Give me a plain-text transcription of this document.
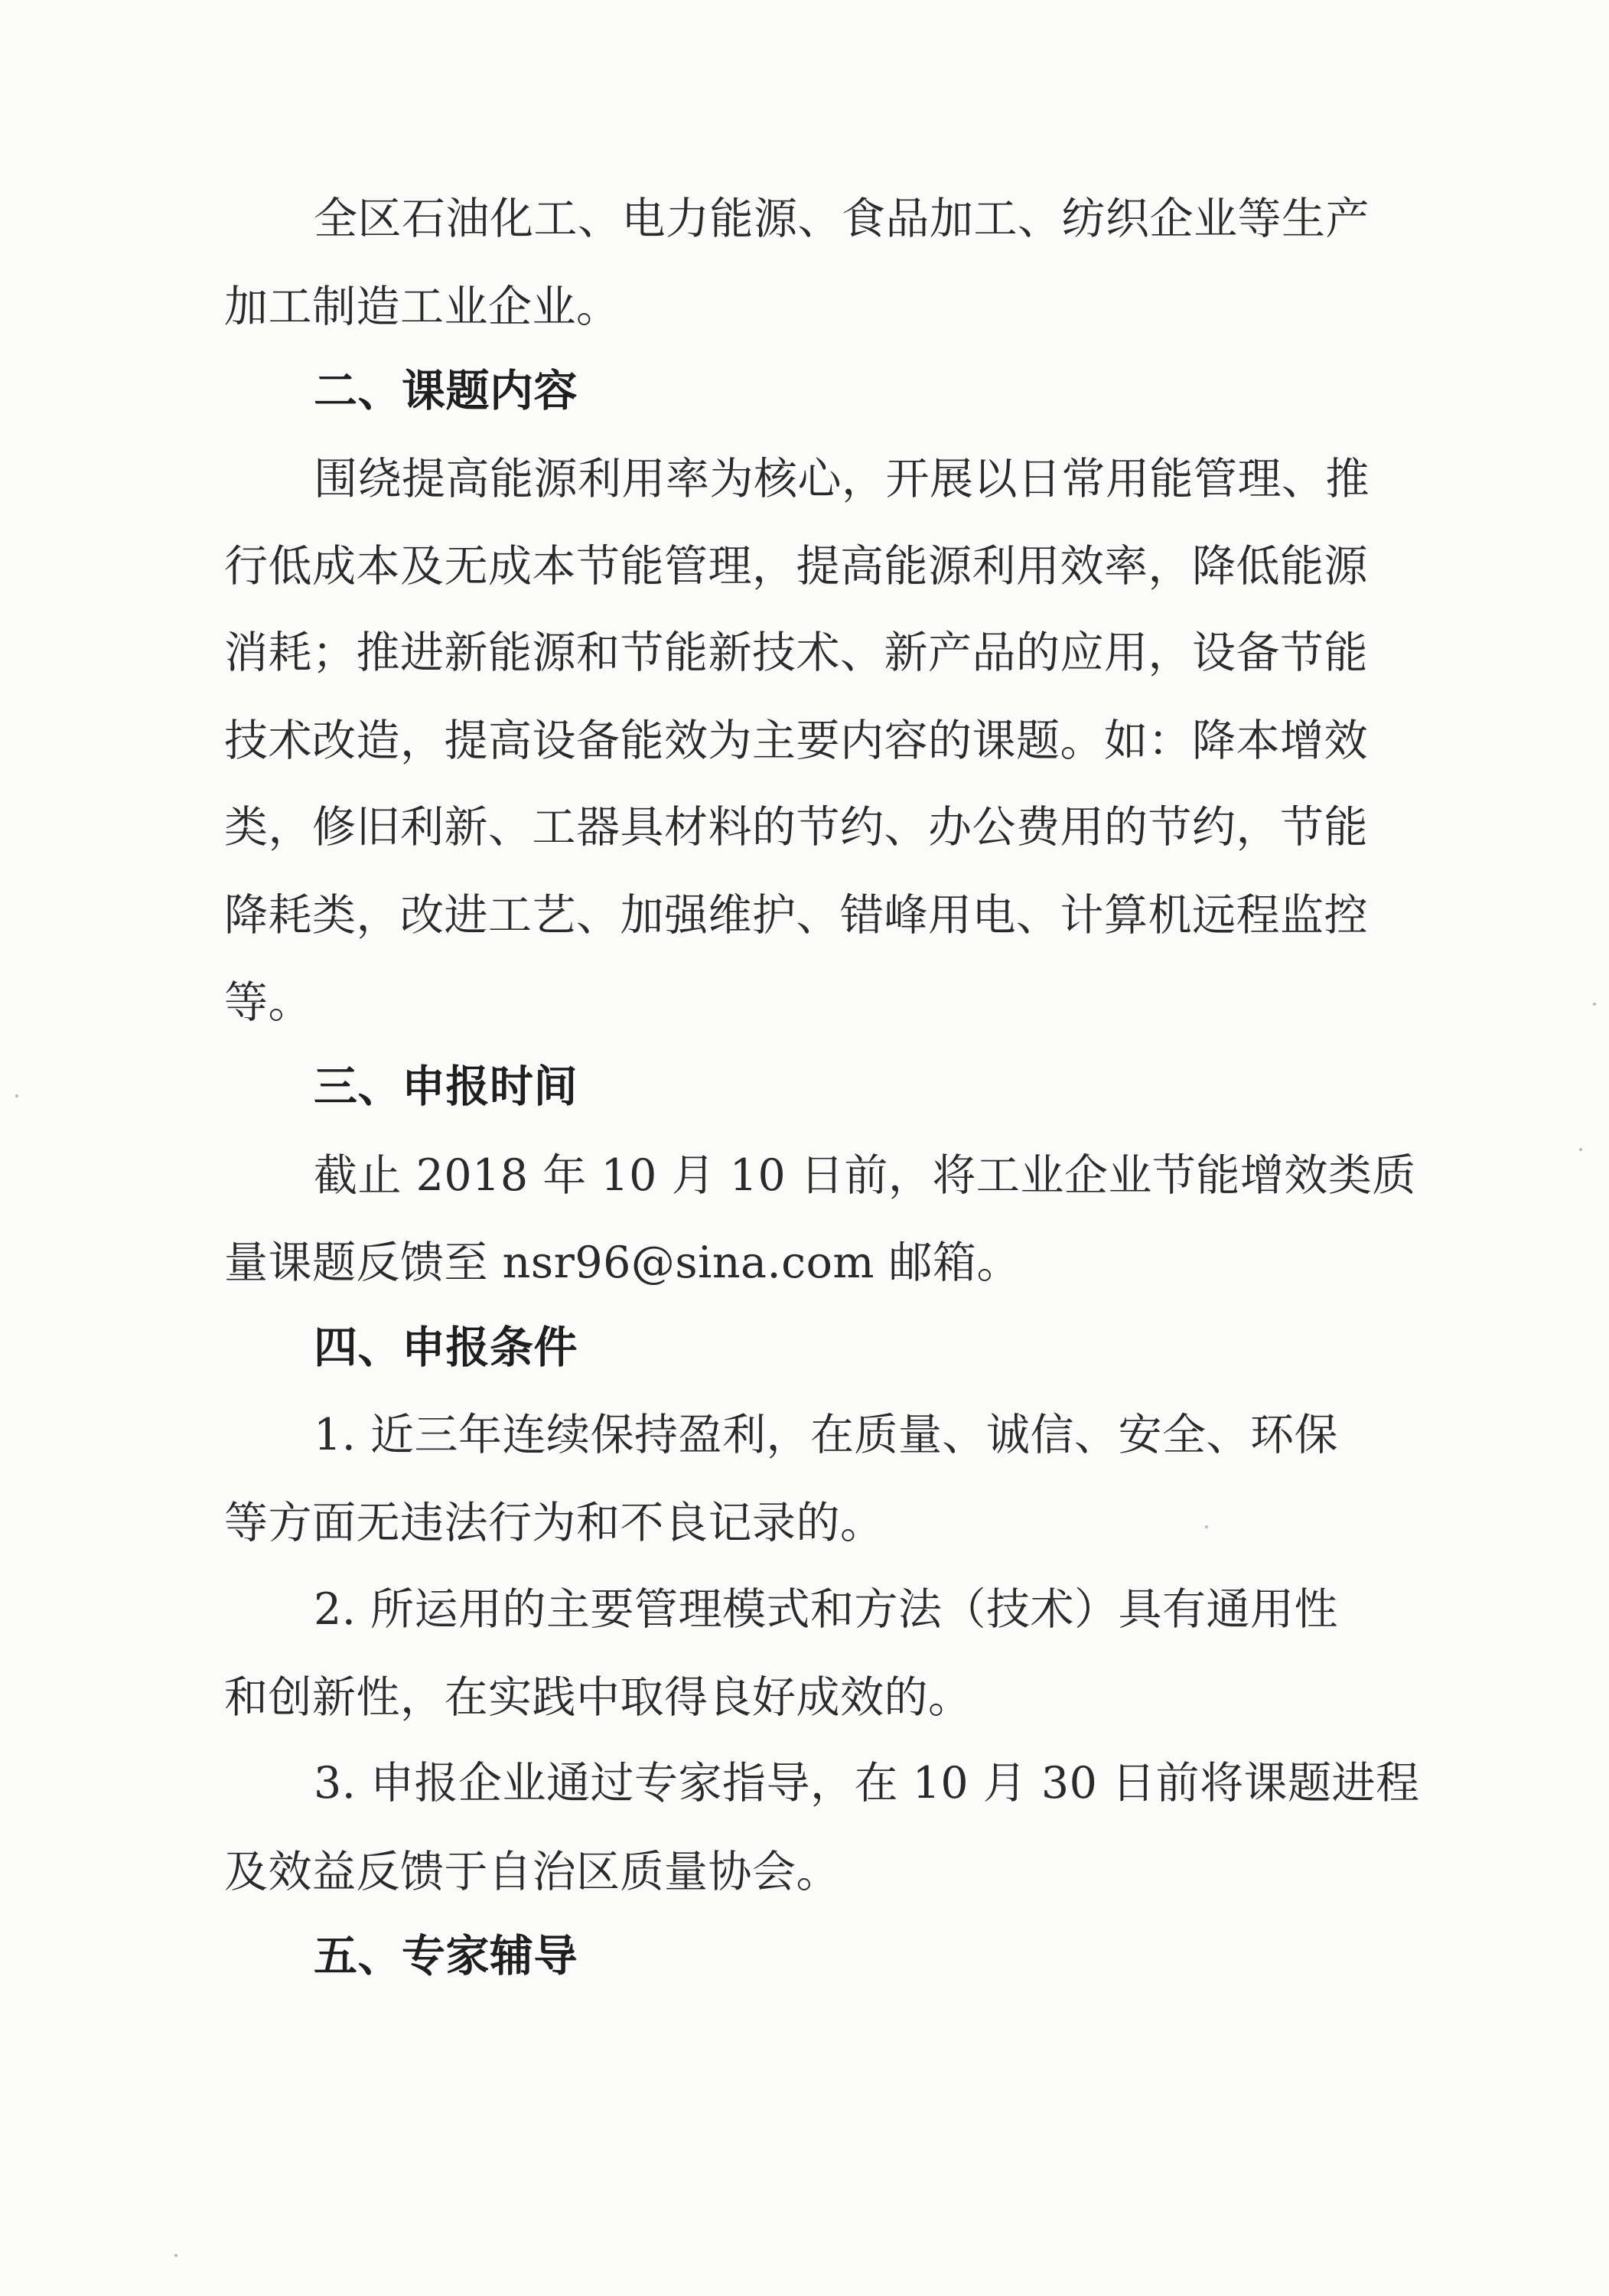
全区石油化工、电力能源、食品加工、纺织企业等生产
加工制造工业企业。
二、课题内容
围绕提高能源利用率为核心，开展以日常用能管理、推
行低成本及无成本节能管理，提高能源利用效率，降低能源
消耗；推进新能源和节能新技术、新产品的应用，设备节能
技术改造，提高设备能效为主要内容的课题。如：降本增效
类，修旧利新、工器具材料的节约、办公费用的节约，节能
降耗类，改进工艺、加强维护、错峰用电、计算机远程监控
等。
三、申报时间
截止 2018 年 10 月 10 日前，将工业企业节能增效类质
量课题反馈至 nsr96@sina.com 邮箱。
四、申报条件
1. 近三年连续保持盈利，在质量、诚信、安全、环保
等方面无违法行为和不良记录的。
2. 所运用的主要管理模式和方法（技术）具有通用性
和创新性，在实践中取得良好成效的。
3. 申报企业通过专家指导，在 10 月 30 日前将课题进程
及效益反馈于自治区质量协会。
五、专家辅导
